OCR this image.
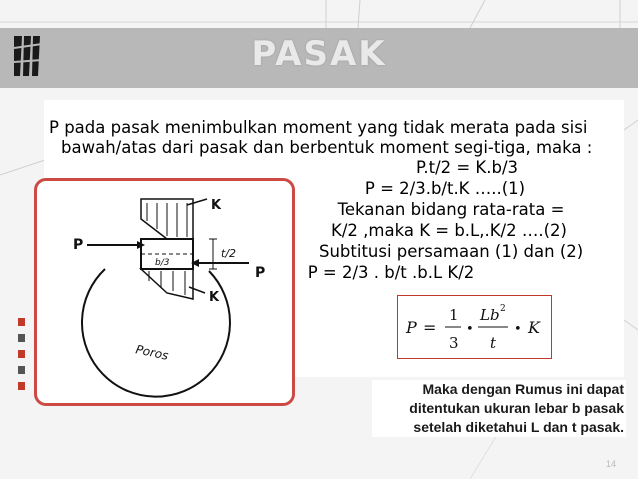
PASAK
P pada pasak menimbulkan moment yang tidak merata pada sisi
bawah/atas dari pasak dan berbentuk moment segi-tiga, maka :
P.t/2 = K.b/3
P = 2/3.b/t.K …..(1)
Tekanan bidang rata-rata =
K/2 ,maka K = b.L,.K/2 ….(2)
Subtitusi persamaan (1) dan (2)
P = 2/3 . b/t .b.L K/2
K
K
P
P
b/3
t/2
Poros
P =
1
3
•
Lb 2
t
• K
Maka dengan Rumus ini dapat
ditentukan ukuran lebar b pasak
setelah diketahui L dan t pasak.
14
